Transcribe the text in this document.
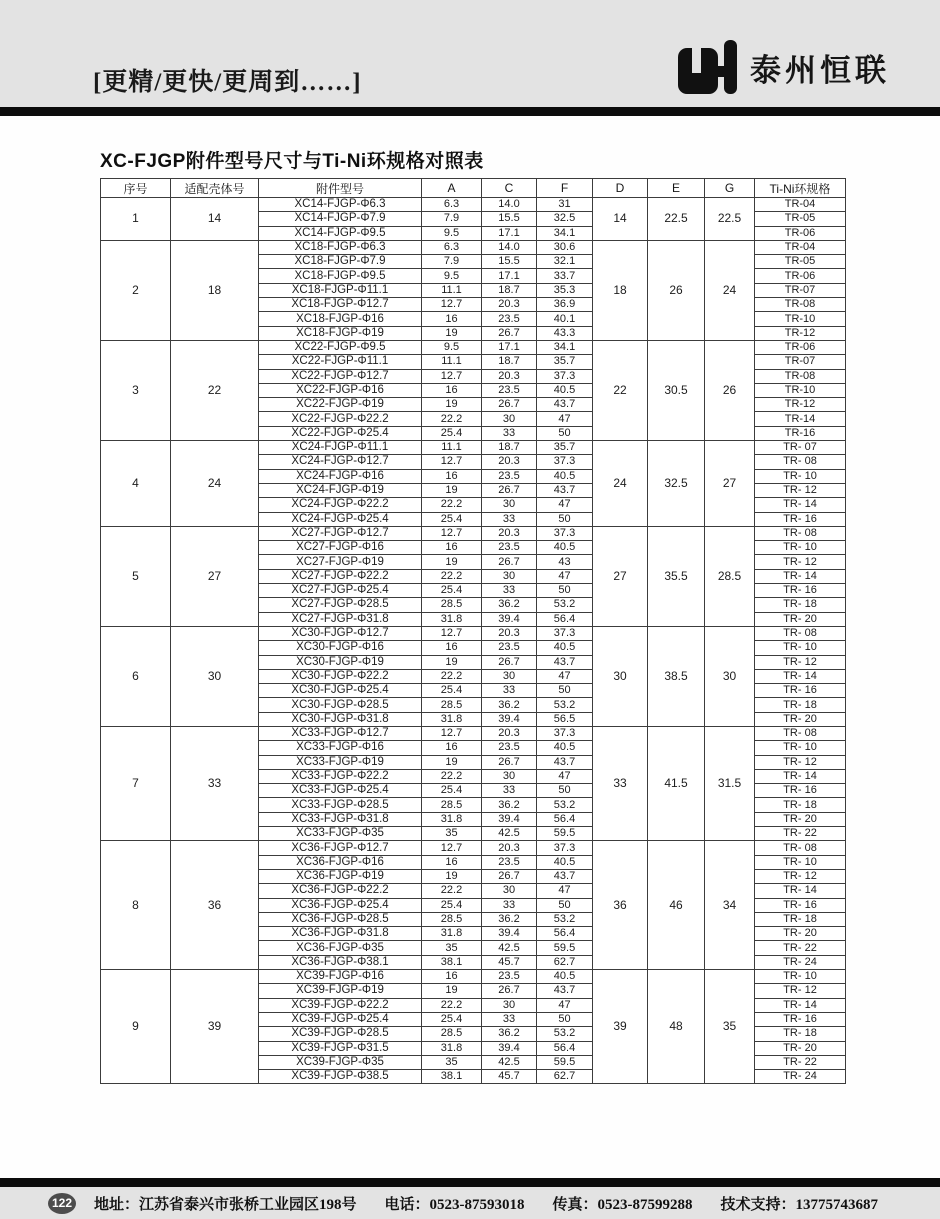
[更精/更快/更周到……]	泰州恒联
XC-FJGP附件型号尺寸与Ti-Ni环规格对照表
序号	适配壳体号	附件型号	A	C	F	D	E	G	Ti-Ni环规格
1	14	XC14-FJGP-Φ6.3	6.3	14.0	31	14	22.5	22.5	TR-04
		XC14-FJGP-Φ7.9	7.9	15.5	32.5				TR-05
		XC14-FJGP-Φ9.5	9.5	17.1	34.1				TR-06
2	18	XC18-FJGP-Φ6.3	6.3	14.0	30.6	18	26	24	TR-04
		XC18-FJGP-Φ7.9	7.9	15.5	32.1				TR-05
		XC18-FJGP-Φ9.5	9.5	17.1	33.7				TR-06
		XC18-FJGP-Φ11.1	11.1	18.7	35.3				TR-07
		XC18-FJGP-Φ12.7	12.7	20.3	36.9				TR-08
		XC18-FJGP-Φ16	16	23.5	40.1				TR-10
		XC18-FJGP-Φ19	19	26.7	43.3				TR-12
3	22	XC22-FJGP-Φ9.5	9.5	17.1	34.1	22	30.5	26	TR-06
		XC22-FJGP-Φ11.1	11.1	18.7	35.7				TR-07
		XC22-FJGP-Φ12.7	12.7	20.3	37.3				TR-08
		XC22-FJGP-Φ16	16	23.5	40.5				TR-10
		XC22-FJGP-Φ19	19	26.7	43.7				TR-12
		XC22-FJGP-Φ22.2	22.2	30	47				TR-14
		XC22-FJGP-Φ25.4	25.4	33	50				TR-16
4	24	XC24-FJGP-Φ11.1	11.1	18.7	35.7	24	32.5	27	TR- 07
		XC24-FJGP-Φ12.7	12.7	20.3	37.3				TR- 08
		XC24-FJGP-Φ16	16	23.5	40.5				TR- 10
		XC24-FJGP-Φ19	19	26.7	43.7				TR- 12
		XC24-FJGP-Φ22.2	22.2	30	47				TR- 14
		XC24-FJGP-Φ25.4	25.4	33	50				TR- 16
5	27	XC27-FJGP-Φ12.7	12.7	20.3	37.3	27	35.5	28.5	TR- 08
		XC27-FJGP-Φ16	16	23.5	40.5				TR- 10
		XC27-FJGP-Φ19	19	26.7	43				TR- 12
		XC27-FJGP-Φ22.2	22.2	30	47				TR- 14
		XC27-FJGP-Φ25.4	25.4	33	50				TR- 16
		XC27-FJGP-Φ28.5	28.5	36.2	53.2				TR- 18
		XC27-FJGP-Φ31.8	31.8	39.4	56.4				TR- 20
6	30	XC30-FJGP-Φ12.7	12.7	20.3	37.3	30	38.5	30	TR- 08
		XC30-FJGP-Φ16	16	23.5	40.5				TR- 10
		XC30-FJGP-Φ19	19	26.7	43.7				TR- 12
		XC30-FJGP-Φ22.2	22.2	30	47				TR- 14
		XC30-FJGP-Φ25.4	25.4	33	50				TR- 16
		XC30-FJGP-Φ28.5	28.5	36.2	53.2				TR- 18
		XC30-FJGP-Φ31.8	31.8	39.4	56.5				TR- 20
7	33	XC33-FJGP-Φ12.7	12.7	20.3	37.3	33	41.5	31.5	TR- 08
		XC33-FJGP-Φ16	16	23.5	40.5				TR- 10
		XC33-FJGP-Φ19	19	26.7	43.7				TR- 12
		XC33-FJGP-Φ22.2	22.2	30	47				TR- 14
		XC33-FJGP-Φ25.4	25.4	33	50				TR- 16
		XC33-FJGP-Φ28.5	28.5	36.2	53.2				TR- 18
		XC33-FJGP-Φ31.8	31.8	39.4	56.4				TR- 20
		XC33-FJGP-Φ35	35	42.5	59.5				TR- 22
8	36	XC36-FJGP-Φ12.7	12.7	20.3	37.3	36	46	34	TR- 08
		XC36-FJGP-Φ16	16	23.5	40.5				TR- 10
		XC36-FJGP-Φ19	19	26.7	43.7				TR- 12
		XC36-FJGP-Φ22.2	22.2	30	47				TR- 14
		XC36-FJGP-Φ25.4	25.4	33	50				TR- 16
		XC36-FJGP-Φ28.5	28.5	36.2	53.2				TR- 18
		XC36-FJGP-Φ31.8	31.8	39.4	56.4				TR- 20
		XC36-FJGP-Φ35	35	42.5	59.5				TR- 22
		XC36-FJGP-Φ38.1	38.1	45.7	62.7				TR- 24
9	39	XC39-FJGP-Φ16	16	23.5	40.5	39	48	35	TR- 10
		XC39-FJGP-Φ19	19	26.7	43.7				TR- 12
		XC39-FJGP-Φ22.2	22.2	30	47				TR- 14
		XC39-FJGP-Φ25.4	25.4	33	50				TR- 16
		XC39-FJGP-Φ28.5	28.5	36.2	53.2				TR- 18
		XC39-FJGP-Φ31.5	31.8	39.4	56.4				TR- 20
		XC39-FJGP-Φ35	35	42.5	59.5				TR- 22
		XC39-FJGP-Φ38.5	38.1	45.7	62.7				TR- 24
122 地址：江苏省泰兴市张桥工业园区198号 电话：0523-87593018 传真：0523-87599288 技术支持：13775743687
